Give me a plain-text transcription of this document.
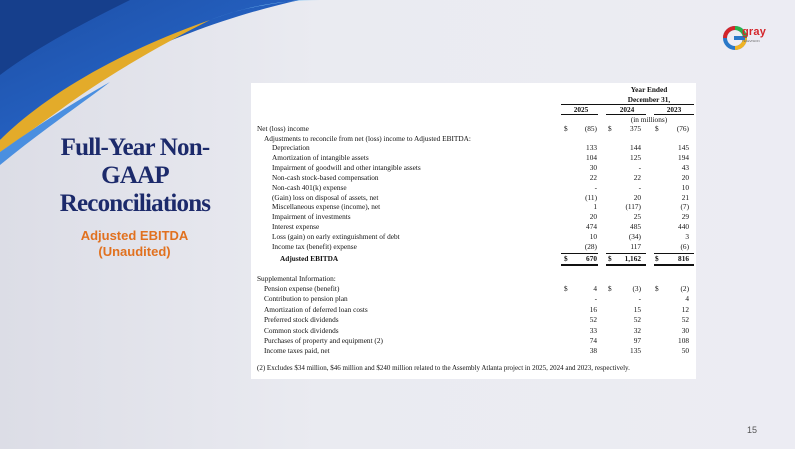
gray
TELEVISION
Full-Year Non-GAAP Reconciliations
Adjusted EBITDA (Unaudited)
Year Ended
December 31,
2025	2024	2023
(in millions)
Net (loss) income	$	(85) $	375 $	(76)
Adjustments to reconcile from net (loss) income to Adjusted EBITDA:
Depreciation	133	144	145
Amortization of intangible assets	104	125	194
Impairment of goodwill and other intangible assets	30	-	43
Non-cash stock-based compensation	22	22	20
Non-cash 401(k) expense	-	-	10
(Gain) loss on disposal of assets, net	(11)	20	21
Miscellaneous expense (income), net	1	(117)	(7)
Impairment of investments	20	25	29
Interest expense	474	485	440
Loss (gain) on early extinguishment of debt	10	(34)	3
Income tax (benefit) expense	(28)	117	(6)
Adjusted EBITDA	$	670 $	1,162 $	816
Supplemental Information:
Pension expense (benefit)	$	4 $	(3) $	(2)
Contribution to pension plan	-	-	4
Amortization of deferred loan costs	16	15	12
Preferred stock dividends	52	52	52
Common stock dividends	33	32	30
Purchases of property and equipment (2)	74	97	108
Income taxes paid, net	38	135	50
(2) Excludes $34 million, $46 million and $240 million related to the Assembly Atlanta project in 2025, 2024 and 2023, respectively.
15
